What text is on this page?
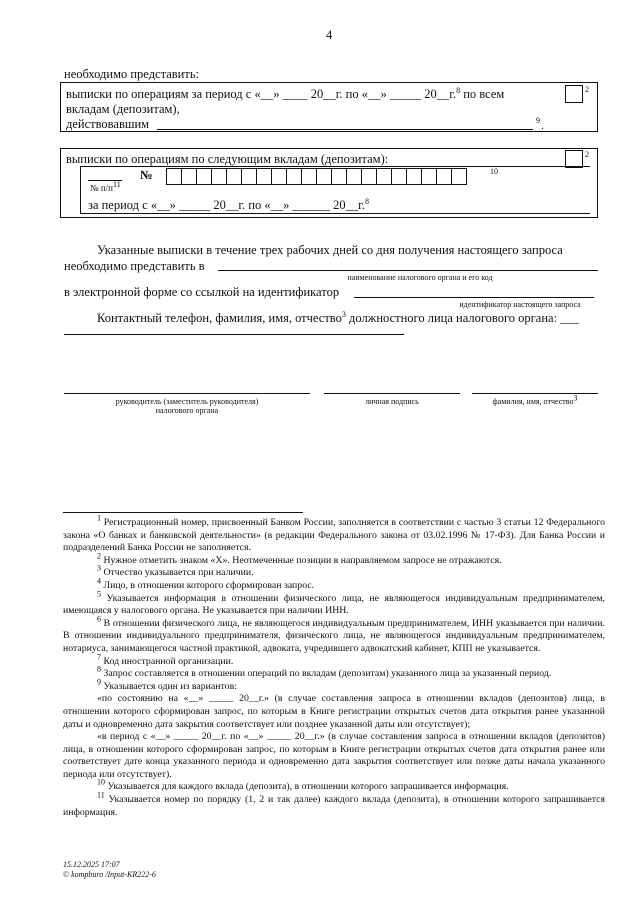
4
необходимо представить:
выписки по операциям за период с «__» ____ 20__г. по «__» _____ 20__г.$^8$ по всем
вкладам (депозитам),
действовавшим	9 .
2
выписки по операциям по следующим вкладам (депозитам):	2
№
№ п/п11
10
за период с «__» _____ 20__г. по «__» ______ 20__г.$^8$
Указанные выписки в течение трех рабочих дней со дня получения настоящего запроса
необходимо представить в
наименование налогового органа и его код
в электронной форме со ссылкой на идентификатор
идентификатор настоящего запроса
Контактный телефон, фамилия, имя, отчество$^3$ должностного лица налогового органа: ___
.
руководитель (заместитель руководителя)
налогового органа
личная подпись	фамилия, имя, отчество3

$^1$ Регистрационный номер, присвоенный Банком России, заполняется в соответствии с частью 3 статьи 12 Федерального закона «О банках и банковской деятельности» (в редакции Федерального закона от 03.02.1996 № 17-ФЗ). Для Банка России и подразделений Банка России не заполняется.

$^2$ Нужное отметить знаком «Х». Неотмеченные позиции в направляемом запросе не отражаются.

$^3$ Отчество указывается при наличии.

$^4$ Лицо, в отношении которого сформирован запрос.

$^5$ Указывается информация в отношении физического лица, не являющегося индивидуальным предпринимателем, имеющаяся у налогового органа. Не указывается при наличии ИНН.

$^6$ В отношении физического лица, не являющегося индивидуальным предпринимателем, ИНН указывается при наличии. В отношении индивидуального предпринимателя, физического лица, не являющегося индивидуальным предпринимателем, нотариуса, занимающегося частной практикой, адвоката, учредившего адвокатский кабинет, КПП не указывается.

$^7$ Код иностранной организации.

$^8$ Запрос составляется в отношении операций по вкладам (депозитам) указанного лица за указанный период.

$^9$ Указывается один из вариантов:

«по состоянию на «__» _____ 20__г.» (в случае составления запроса в отношении вкладов (депозитов) лица, в отношении которого сформирован запрос, по которым в Книге регистрации открытых счетов дата открытия ранее указанной даты и одновременно дата закрытия соответствует или позднее указанной даты или отсутствует);

«в период с «__» _____ 20__г. по «__» _____ 20__г.» (в случае составления запроса в отношении вкладов (депозитов) лица, в отношении которого сформирован запрос, по которым в Книге регистрации открытых счетов дата открытия ранее или соответствует дате конца указанного периода и одновременно дата закрытия соответствует или позже даты начала указанного периода или отсутствует).

$^{10}$ Указывается для каждого вклада (депозита), в отношении которого запрашивается информация.

$^{11}$ Указывается номер по порядку (1, 2 и так далее) каждого вклада (депозита), в отношении которого запрашивается информация.

15.12.2025 17:07
© kompburo /Input-KR222-6
